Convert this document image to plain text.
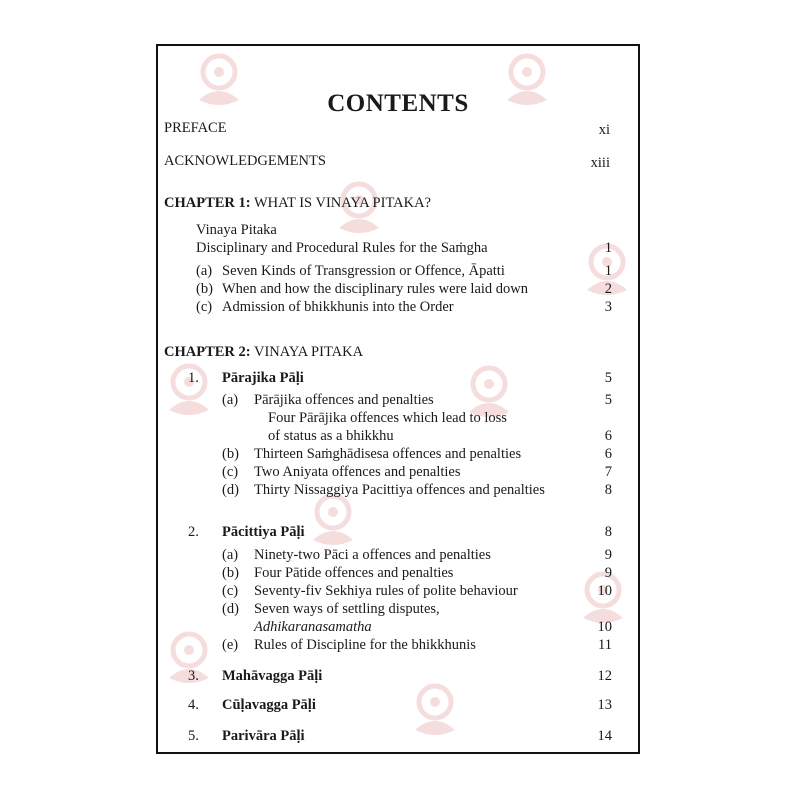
CONTENTS
PREFACE	xi
ACKNOWLEDGEMENTS	xiii
CHAPTER 1: WHAT IS VINAYA PITAKA?
Vinaya Pitaka
Disciplinary and Procedural Rules for the Saṁgha	1
(a) Seven Kinds of Transgression or Offence, Āpatti	1
(b) When and how the disciplinary rules were laid down	2
(c) Admission of bhikkhunis into the Order	3
CHAPTER 2: VINAYA PITAKA
1. Pārajika Pāḷi	5
(a) Pārājika offences and penalties	5
Four Pārājika offences which lead to loss
of status as a bhikkhu	6
(b) Thirteen Saṁghādisesa offences and penalties	6
(c) Two Aniyata offences and penalties	7
(d) Thirty Nissaggiya Pacittiya offences and penalties	8
2. Pācittiya Pāḷi	8
(a) Ninety-two Pāci a offences and penalties	9
(b) Four Pātide offences and penalties	9
(c) Seventy-fiv Sekhiya rules of polite behaviour	10
(d) Seven ways of settling disputes,
Adhikaranasamatha	10
(e) Rules of Discipline for the bhikkhunis	11
3. Mahāvagga Pāḷi	12
4. Cūḷavagga Pāḷi	13
5. Parivāra Pāḷi	14
